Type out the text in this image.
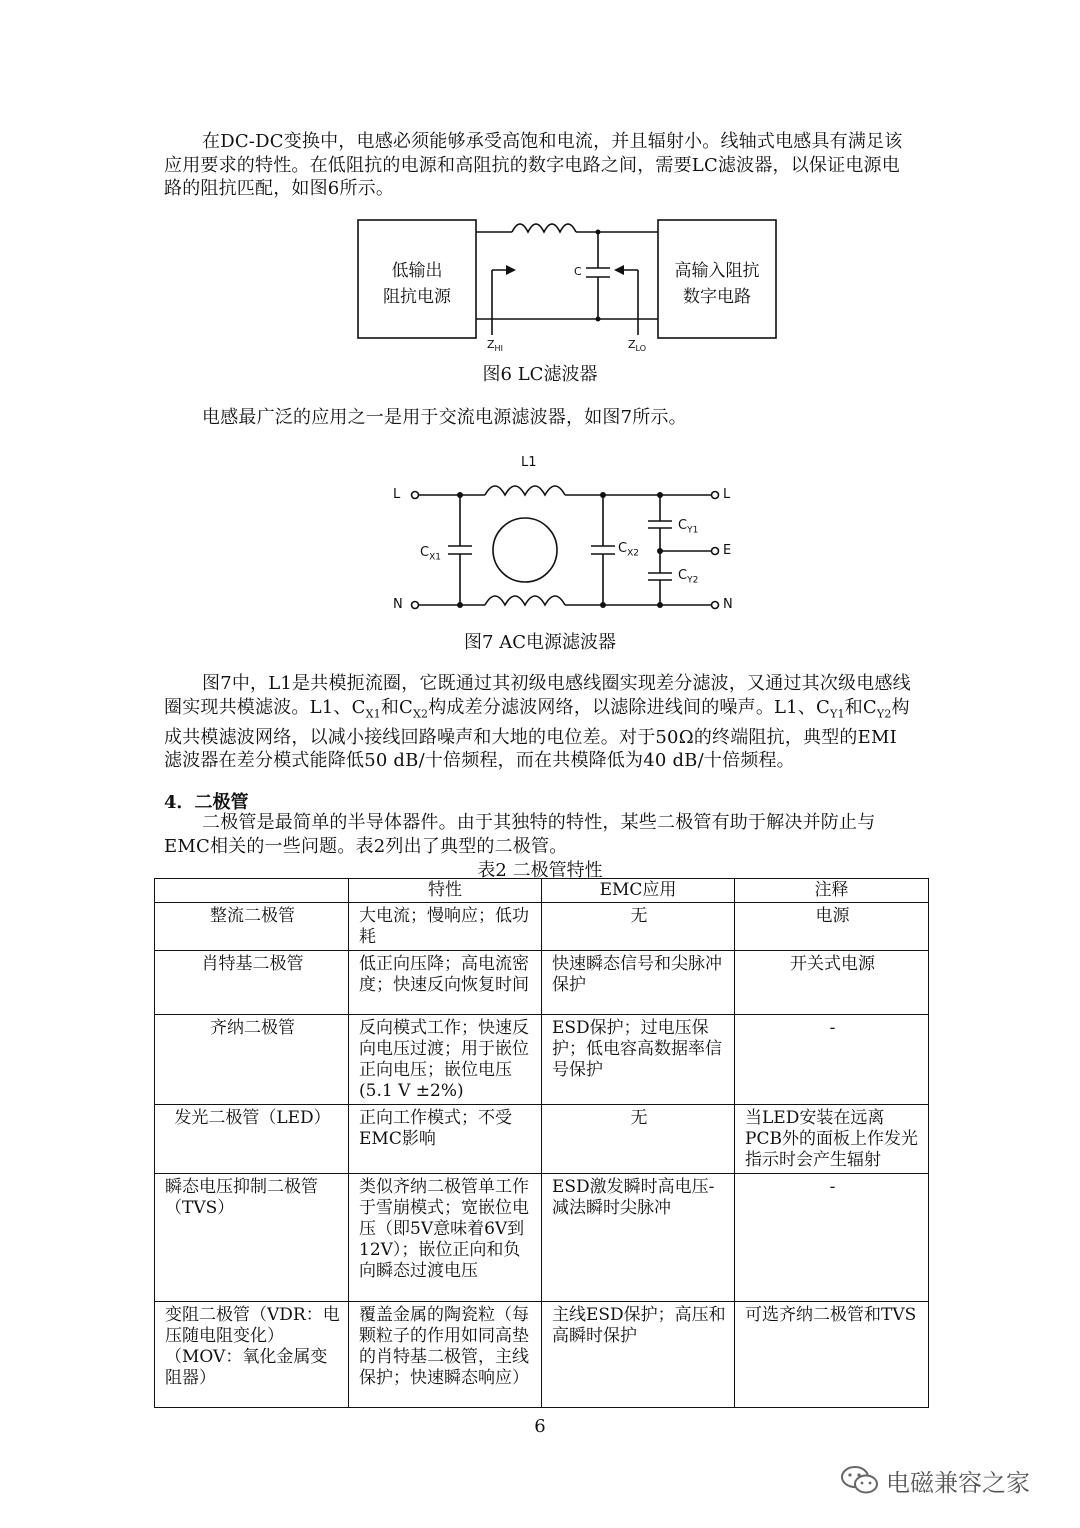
在DC-DC变换中，电感必须能够承受高饱和电流，并且辐射小。线轴式电感具有满足该应用要求的特性。在低阻抗的电源和高阻抗的数字电路之间，需要LC滤波器，以保证电源电路的阻抗匹配，如图6所示。

低输出
阻抗电源
高输入阻抗
数字电路
C
$Z_{HI}$	$Z_{LO}$

图6 LC滤波器

电感最广泛的应用之一是用于交流电源滤波器，如图7所示。

L1
L
N
L
E
N
$C_{X1}$
$C_{X2}$
$C_{Y1}$
$C_{Y2}$

图7 AC电源滤波器

图7中，L1是共模扼流圈，它既通过其初级电感线圈实现差分滤波，又通过其次级电感线圈实现共模滤波。L1、$C_{X1}$和$C_{X2}$构成差分滤波网络，以滤除进线间的噪声。L1、$C_{Y1}$和$C_{Y2}$构成共模滤波网络，以减小接线回路噪声和大地的电位差。对于50Ω的终端阻抗，典型的EMI滤波器在差分模式能降低50 dB/十倍频程，而在共模降低为40 dB/十倍频程。

4．二极管

二极管是最简单的半导体器件。由于其独特的特性，某些二极管有助于解决并防止与EMC相关的一些问题。表2列出了典型的二极管。

表2 二极管特性
	特性	EMC应用	注释
整流二极管	大电流；慢响应；低功耗	无	电源
肖特基二极管	低正向压降；高电流密度；快速反向恢复时间	快速瞬态信号和尖脉冲保护	开关式电源
齐纳二极管	反向模式工作；快速反向电压过渡；用于嵌位正向电压；嵌位电压(5.1 V ±2%)	ESD保护；过电压保护；低电容高数据率信号保护	-
发光二极管（LED）	正向工作模式；不受EMC影响	无	当LED安装在远离PCB外的面板上作发光指示时会产生辐射
瞬态电压抑制二极管（TVS）	类似齐纳二极管单工作于雪崩模式；宽嵌位电压（即5V意味着6V到12V）；嵌位正向和负向瞬态过渡电压	ESD激发瞬时高电压-减法瞬时尖脉冲	-
变阻二极管（VDR：电压随电阻变化）（MOV：氧化金属变阻器）	覆盖金属的陶瓷粒（每颗粒子的作用如同高垫的肖特基二极管，主线保护；快速瞬态响应）	主线ESD保护；高压和高瞬时保护	可选齐纳二极管和TVS
6
电磁兼容之家
